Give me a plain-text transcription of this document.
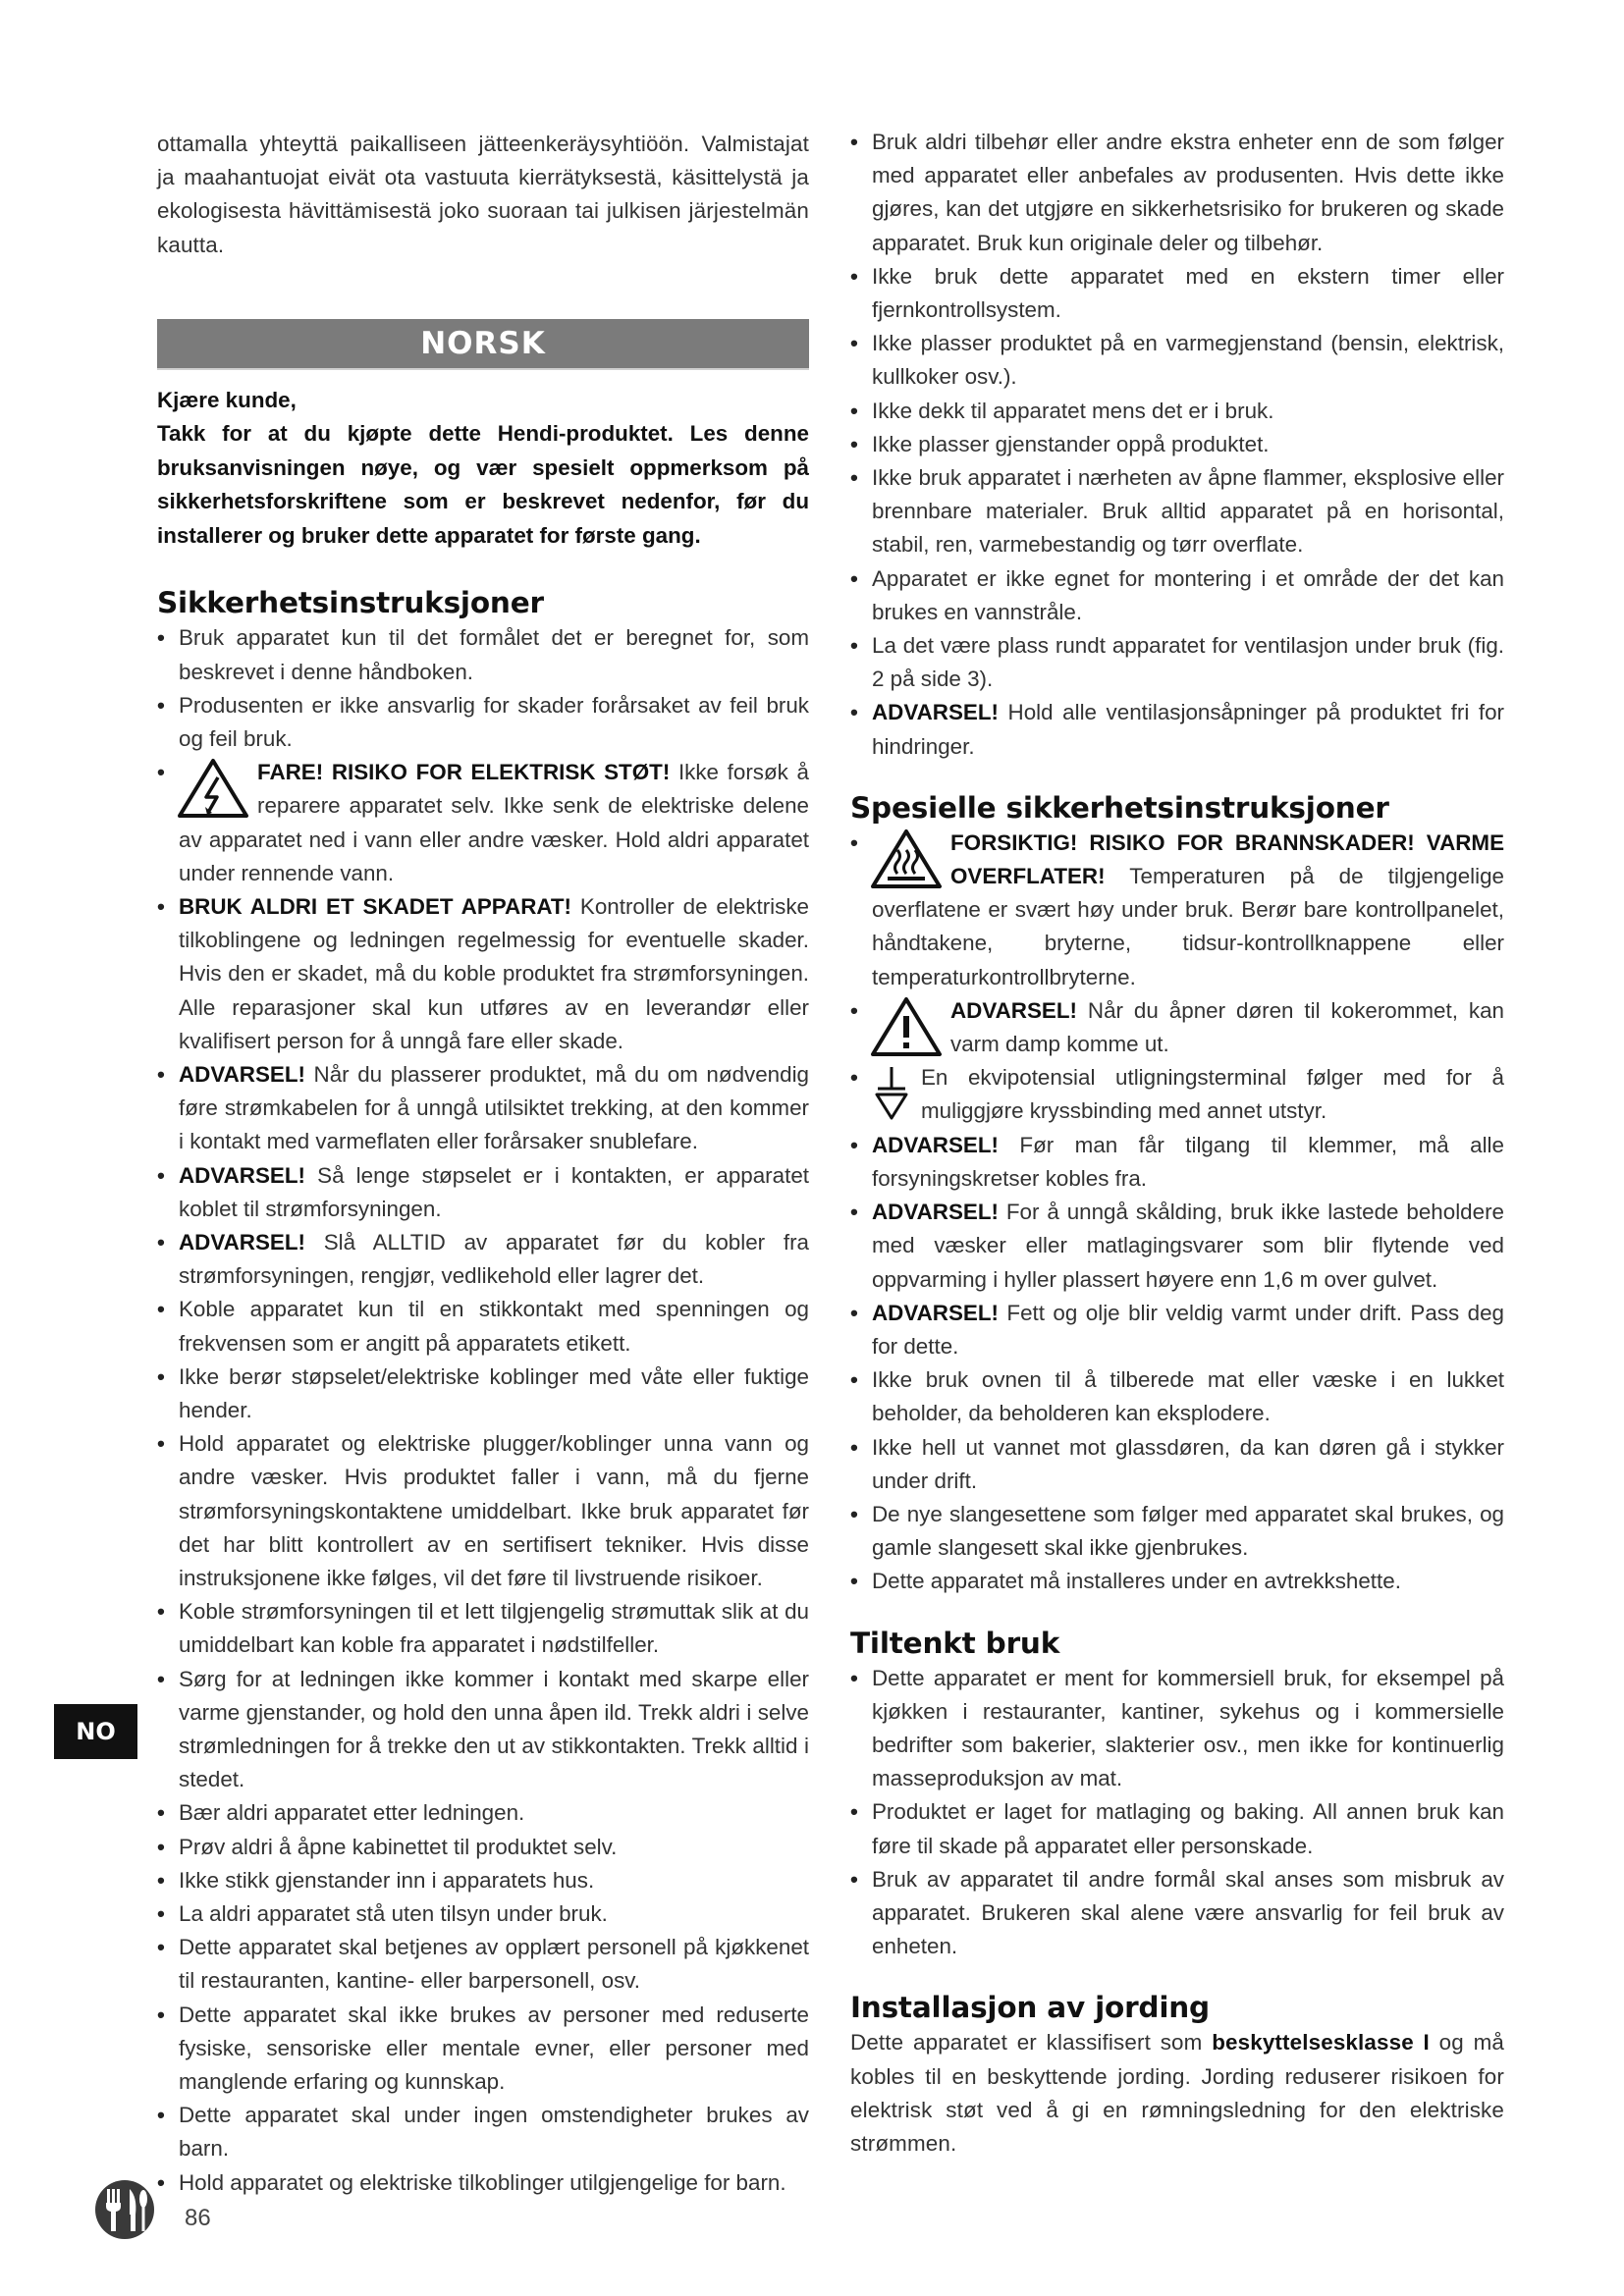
ottamalla yhteyttä paikalliseen jätteenkeräysyhtiöön. Valmistajat ja maahantuojat eivät ota vastuuta kierrätyksestä, käsittelystä ja ekologisesta hävittämisestä joko suoraan tai julkisen järjestelmän kautta.

NORSK
Kjære kunde,
Takk for at du kjøpte dette Hendi-produktet. Les denne bruksanvisningen nøye, og vær spesielt oppmerksom på sikkerhetsforskriftene som er beskrevet nedenfor, før du installerer og bruker dette apparatet for første gang.
Sikkerhetsinstruksjoner
• Bruk apparatet kun til det formålet det er beregnet for, som beskrevet i denne håndboken.
• Produsenten er ikke ansvarlig for skader forårsaket av feil bruk og feil bruk.
• FARE! RISIKO FOR ELEKTRISK STØT! Ikke forsøk å reparere apparatet selv. Ikke senk de elektriske delene av apparatet ned i vann eller andre væsker. Hold aldri apparatet under rennende vann.
• BRUK ALDRI ET SKADET APPARAT! Kontroller de elektriske tilkoblingene og ledningen regelmessig for eventuelle skader. Hvis den er skadet, må du koble produktet fra strømforsyningen. Alle reparasjoner skal kun utføres av en leverandør eller kvalifisert person for å unngå fare eller skade.
• ADVARSEL! Når du plasserer produktet, må du om nødvendig føre strømkabelen for å unngå utilsiktet trekking, at den kommer i kontakt med varmeflaten eller forårsaker snublefare.
• ADVARSEL! Så lenge støpselet er i kontakten, er apparatet koblet til strømforsyningen.
• ADVARSEL! Slå ALLTID av apparatet før du kobler fra strømforsyningen, rengjør, vedlikehold eller lagrer det.
• Koble apparatet kun til en stikkontakt med spenningen og frekvensen som er angitt på apparatets etikett.
• Ikke berør støpselet/elektriske koblinger med våte eller fuktige hender.
• Hold apparatet og elektriske plugger/koblinger unna vann og andre væsker. Hvis produktet faller i vann, må du fjerne strømforsyningskontaktene umiddelbart. Ikke bruk apparatet før det har blitt kontrollert av en sertifisert tekniker. Hvis disse instruksjonene ikke følges, vil det føre til livstruende risikoer.
• Koble strømforsyningen til et lett tilgjengelig strømuttak slik at du umiddelbart kan koble fra apparatet i nødstilfeller.
• Sørg for at ledningen ikke kommer i kontakt med skarpe eller varme gjenstander, og hold den unna åpen ild. Trekk aldri i selve strømledningen for å trekke den ut av stikkontakten. Trekk alltid i stedet.
• Bær aldri apparatet etter ledningen.
• Prøv aldri å åpne kabinettet til produktet selv.
• Ikke stikk gjenstander inn i apparatets hus.
• La aldri apparatet stå uten tilsyn under bruk.
• Dette apparatet skal betjenes av opplært personell på kjøkkenet til restauranten, kantine- eller barpersonell, osv.
• Dette apparatet skal ikke brukes av personer med reduserte fysiske, sensoriske eller mentale evner, eller personer med manglende erfaring og kunnskap.
• Dette apparatet skal under ingen omstendigheter brukes av barn.
• Hold apparatet og elektriske tilkoblinger utilgjengelige for barn.
• Bruk aldri tilbehør eller andre ekstra enheter enn de som følger med apparatet eller anbefales av produsenten. Hvis dette ikke gjøres, kan det utgjøre en sikkerhetsrisiko for brukeren og skade apparatet. Bruk kun originale deler og tilbehør.
• Ikke bruk dette apparatet med en ekstern timer eller fjernkontrollsystem.
• Ikke plasser produktet på en varmegjenstand (bensin, elektrisk, kullkoker osv.).
• Ikke dekk til apparatet mens det er i bruk.
• Ikke plasser gjenstander oppå produktet.
• Ikke bruk apparatet i nærheten av åpne flammer, eksplosive eller brennbare materialer. Bruk alltid apparatet på en horisontal, stabil, ren, varmebestandig og tørr overflate.
• Apparatet er ikke egnet for montering i et område der det kan brukes en vannstråle.
• La det være plass rundt apparatet for ventilasjon under bruk (fig. 2 på side 3).
• ADVARSEL! Hold alle ventilasjonsåpninger på produktet fri for hindringer.
Spesielle sikkerhetsinstruksjoner
• FORSIKTIG! RISIKO FOR BRANNSKADER! VARME OVERFLATER! Temperaturen på de tilgjengelige overflatene er svært høy under bruk. Berør bare kontrollpanelet, håndtakene, bryterne, tidsur-kontrollknappene eller temperaturkontrollbryterne.
• ADVARSEL! Når du åpner døren til kokerommet, kan varm damp komme ut.
• En ekvipotensial utligningsterminal følger med for å muliggjøre kryssbinding med annet utstyr.
• ADVARSEL! Før man får tilgang til klemmer, må alle forsyningskretser kobles fra.
• ADVARSEL! For å unngå skålding, bruk ikke lastede beholdere med væsker eller matlagingsvarer som blir flytende ved oppvarming i hyller plassert høyere enn 1,6 m over gulvet.
• ADVARSEL! Fett og olje blir veldig varmt under drift. Pass deg for dette.
• Ikke bruk ovnen til å tilberede mat eller væske i en lukket beholder, da beholderen kan eksplodere.
• Ikke hell ut vannet mot glassdøren, da kan døren gå i stykker under drift.
• De nye slangesettene som følger med apparatet skal brukes, og gamle slangesett skal ikke gjenbrukes.
• Dette apparatet må installeres under en avtrekkshette.
Tiltenkt bruk
• Dette apparatet er ment for kommersiell bruk, for eksempel på kjøkken i restauranter, kantiner, sykehus og i kommersielle bedrifter som bakerier, slakterier osv., men ikke for kontinuerlig masseproduksjon av mat.
• Produktet er laget for matlaging og baking. All annen bruk kan føre til skade på apparatet eller personskade.
• Bruk av apparatet til andre formål skal anses som misbruk av apparatet. Brukeren skal alene være ansvarlig for feil bruk av enheten.
Installasjon av jording

Dette apparatet er klassifisert som beskyttelsesklasse I og må kobles til en beskyttende jording. Jording reduserer risikoen for elektrisk støt ved å gi en rømningsledning for den elektriske strømmen.

NO
86
